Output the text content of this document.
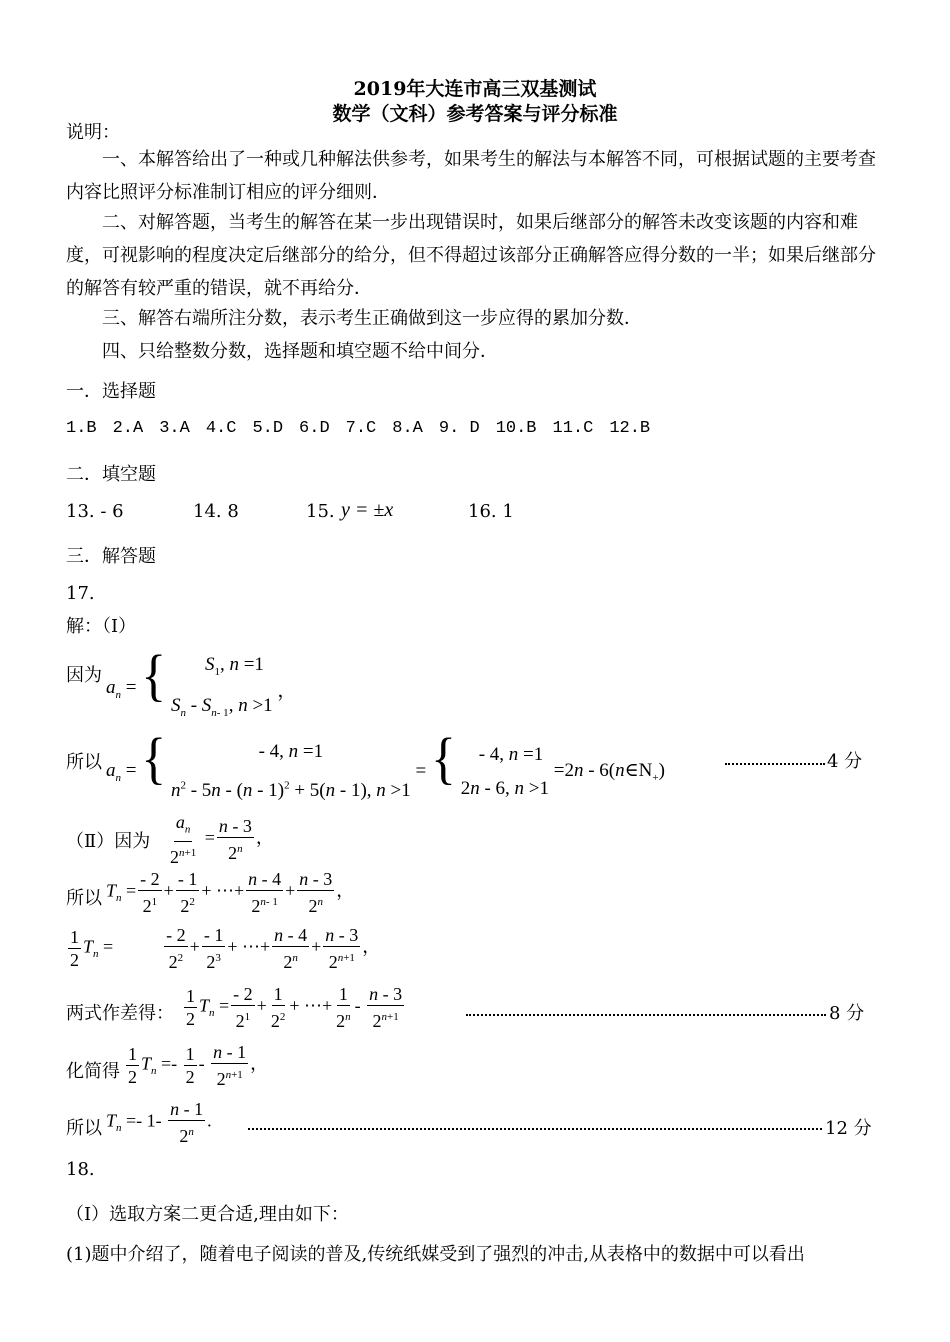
2019年大连市高三双基测试
数学（文科）参考答案与评分标准
说明：
一、本解答给出了一种或几种解法供参考，如果考生的解法与本解答不同，可根据试题的主要考查内容比照评分标准制订相应的评分细则．
二、对解答题，当考生的解答在某一步出现错误时，如果后继部分的解答未改变该题的内容和难度，可视影响的程度决定后继部分的给分，但不得超过该部分正确解答应得分数的一半；如果后继部分的解答有较严重的错误，就不再给分．
三、解答右端所注分数，表示考生正确做到这一步应得的累加分数．
四、只给整数分数，选择题和填空题不给中间分．
一．选择题
1.B 2.A 3.A 4.C 5.D 6.D 7.C 8.A 9. D 10.B 11.C 12.B
二．填空题
13. - 6	14. 8	15. y = ±x	16. 1
三．解答题
17.
解：（Ⅰ）
因为
$a_n$ = { $S_1$, n =1
$S_n - S_{n- 1}$, n >1 ，
所以 $a_n$ = {	- 4, n =1
$n^2 - 5n - (n - 1)^2 + 5(n - 1)$, n >1 = { - 4, n =1
2n - 6, $n >1 =2n - 6(n\in N_+)$	4 分
（Ⅱ）因为 $\frac{a_n}{2^{n+1}} = \frac{n - 3}{2^n}$ ，
所以 $T_n = \frac{- 2}{2^1} + \frac{- 1}{2^2}$ + ⋯+ $\frac{n - 4}{2^{n- 1}} + \frac{n - 3}{2^n}$ ，
$\frac{1}{2} T_n$ =	$\frac{- 2}{2^2} + \frac{- 1}{2^3}$ + ⋯+ $\frac{n - 4}{2^n} + \frac{n - 3}{2^{n+1}}$ ，
两式作差得： $\frac{1}{2} T_n = \frac{- 2}{2^1} + \frac{1}{2^2}$ + ⋯+ $\frac{1}{2^n} - \frac{n - 3}{2^{n+1}}$	8 分
化简得 $\frac{1}{2} T_n =- \frac{1}{2} - \frac{n - 1}{2^{n+1}}$ ，
所以 $T_n =- 1- \frac{n - 1}{2^n}$ .	12 分
18.
（Ⅰ）选取方案二更合适,理由如下：
(1)题中介绍了，随着电子阅读的普及,传统纸媒受到了强烈的冲击,从表格中的数据中可以看出
